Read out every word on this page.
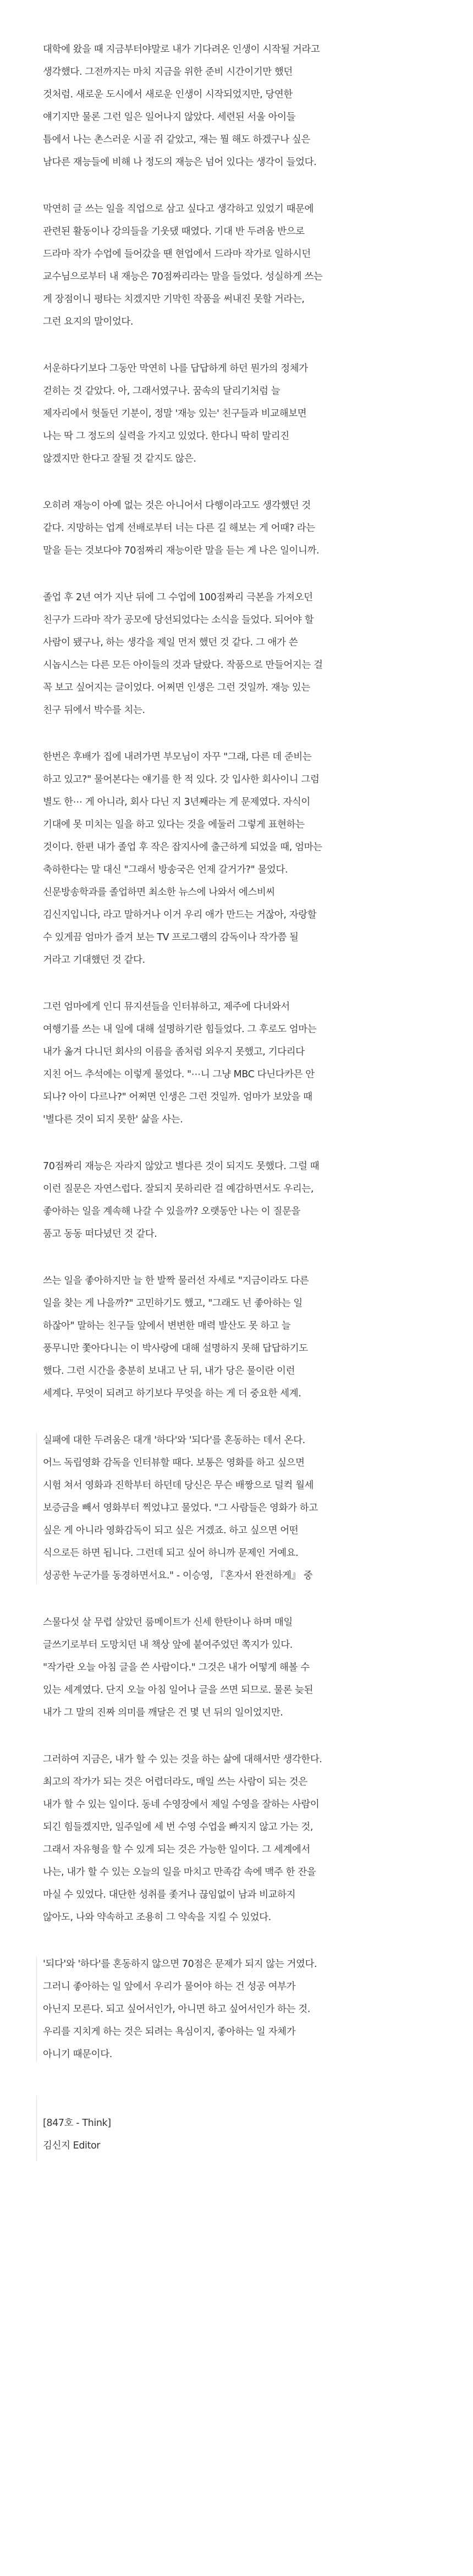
대학에 왔을 때 지금부터야말로 내가 기다려온 인생이 시작될 거라고
생각했다. 그전까지는 마치 지금을 위한 준비 시간이기만 했던
것처럼. 새로운 도시에서 새로운 인생이 시작되었지만, 당연한
얘기지만 물론 그런 일은 일어나지 않았다. 세련된 서울 아이들
틈에서 나는 촌스러운 시골 쥐 같았고, 재는 뭘 해도 하겠구나 싶은
남다른 재능들에 비해 나 정도의 재능은 넘어 있다는 생각이 들었다.
막연히 글 쓰는 일을 직업으로 삼고 싶다고 생각하고 있었기 때문에
관련된 활동이나 강의들을 기웃댔 때였다. 기대 반 두려움 반으로
드라마 작가 수업에 들어갔을 땐 현업에서 드라마 작가로 일하시던
교수님으로부터 내 재능은 70점짜리라는 말을 들었다. 성실하게 쓰는
게 장점이니 평타는 치겠지만 기막힌 작품을 써내진 못할 거라는,
그런 요지의 말이었다.
서운하다기보다 그동안 막연히 나를 답답하게 하던 뭔가의 정체가
걷히는 것 같았다. 아, 그래서였구나. 꿈속의 달리기처럼 늘
제자리에서 헛돌던 기분이, 정말 '재능 있는' 친구들과 비교해보면
나는 딱 그 정도의 실력을 가지고 있었다. 한다니 딱히 말리진
않겠지만 한다고 잘될 것 같지도 않은.
오히려 재능이 아예 없는 것은 아니어서 다행이라고도 생각했던 것
같다. 지망하는 업계 선배로부터 너는 다른 길 해보는 게 어때? 라는
말을 듣는 것보다야 70점짜리 재능이란 말을 듣는 게 나은 일이니까.
졸업 후 2년 여가 지난 뒤에 그 수업에 100점짜리 극본을 가져오던
친구가 드라마 작가 공모에 당선되었다는 소식을 들었다. 되어야 할
사람이 됐구나, 하는 생각을 제일 먼저 했던 것 같다. 그 애가 쓴
시놉시스는 다른 모든 아이들의 것과 달랐다. 작품으로 만들어지는 걸
꼭 보고 싶어지는 글이었다. 어쩌면 인생은 그런 것일까. 재능 있는
친구 뒤에서 박수를 치는.
한번은 후배가 집에 내려가면 부모님이 자꾸 "그래, 다른 데 준비는
하고 있고?" 물어본다는 얘기를 한 적 있다. 갓 입사한 회사이니 그럼
별도 한⋯ 게 아니라, 회사 다닌 지 3년째라는 게 문제였다. 자식이
기대에 못 미치는 일을 하고 있다는 것을 에둘러 그렇게 표현하는
것이다. 한편 내가 졸업 후 작은 잡지사에 출근하게 되었을 때, 엄마는
축하한다는 말 대신 "그래서 방송국은 언제 갈거가?" 물었다.
신문방송학과를 졸업하면 최소한 뉴스에 나와서 에스비씨
김신지입니다, 라고 말하거나 이거 우리 애가 만드는 거잖아, 자랑할
수 있게끔 엄마가 즐겨 보는 TV 프로그램의 감독이나 작가쯤 될
거라고 기대했던 것 같다.
그런 엄마에게 인디 뮤지션들을 인터뷰하고, 제주에 다녀와서
여행기를 쓰는 내 일에 대해 설명하기란 힘들었다. 그 후로도 엄마는
내가 옮겨 다니던 회사의 이름을 좀처럼 외우지 못했고, 기다리다
지친 어느 추석에는 이렇게 물었다. "⋯니 그냥 MBC 다닌다카믄 안
되나? 아이 다르나?" 어쩌면 인생은 그런 것일까. 엄마가 보았을 때
'별다른 것이 되지 못한' 삶을 사는.
70점짜리 재능은 자라지 않았고 별다른 것이 되지도 못했다. 그럴 때
이런 질문은 자연스럽다. 잘되지 못하리란 걸 예감하면서도 우리는,
좋아하는 일을 계속해 나갈 수 있을까? 오랫동안 나는 이 질문을
품고 동동 떠다녔던 것 같다.
쓰는 일을 좋아하지만 늘 한 발짝 물러선 자세로 "지금이라도 다른
일을 찾는 게 나을까?" 고민하기도 했고, "그래도 넌 좋아하는 일
하잖아" 말하는 친구들 앞에서 변변한 매력 발산도 못 하고 늘
풍무니만 쫓아다니는 이 박사랑에 대해 설명하지 못해 답답하기도
했다. 그런 시간을 충분히 보내고 난 뒤, 내가 당은 물이란 이런
세계다. 무엇이 되려고 하기보다 무엇을 하는 게 더 중요한 세계.
실패에 대한 두려움은 대개 '하다'와 '되다'를 혼동하는 데서 온다.
어느 독립영화 감독을 인터뷰할 때다. 보통은 영화를 하고 싶으면
시험 쳐서 영화과 진학부터 하던데 당신은 무슨 배짱으로 덜컥 월세
보증금을 빼서 영화부터 찍었냐고 물었다. "그 사람들은 영화가 하고
싶은 게 아니라 영화감독이 되고 싶은 거겠죠. 하고 싶으면 어떤
식으로든 하면 됩니다. 그런데 되고 싶어 하니까 문제인 거예요.
성공한 누군가를 동경하면서요." - 이승영, 『혼자서 완전하게』 중
스물다섯 살 무렵 살았던 룸메이트가 신세 한탄이나 하며 매일
글쓰기로부터 도망치던 내 책상 앞에 붙여주었던 쪽지가 있다.
"작가란 오늘 아침 글을 쓴 사람이다." 그것은 내가 어떻게 해볼 수
있는 세계였다. 단지 오늘 아침 일어나 글을 쓰면 되므로. 물론 늦된
내가 그 말의 진짜 의미를 깨달은 건 몇 년 뒤의 일이었지만.
그러하여 지금은, 내가 할 수 있는 것을 하는 삶에 대해서만 생각한다.
최고의 작가가 되는 것은 어렵더라도, 매일 쓰는 사람이 되는 것은
내가 할 수 있는 일이다. 동네 수영장에서 제일 수영을 잘하는 사람이
되긴 힘들겠지만, 일주일에 세 번 수영 수업을 빠지지 않고 가는 것,
그래서 자유형을 할 수 있게 되는 것은 가능한 일이다. 그 세계에서
나는, 내가 할 수 있는 오늘의 일을 마치고 만족감 속에 맥주 한 잔을
마실 수 있었다. 대단한 성취를 좇거나 끊임없이 남과 비교하지
않아도, 나와 약속하고 조용히 그 약속을 지킬 수 있었다.
'되다'와 '하다'를 혼동하지 않으면 70점은 문제가 되지 않는 거였다.
그러니 좋아하는 일 앞에서 우리가 물어야 하는 건 성공 여부가
아닌지 모른다. 되고 싶어서인가, 아니면 하고 싶어서인가 하는 것.
우리를 지치게 하는 것은 되려는 욕심이지, 좋아하는 일 자체가
아니기 때문이다.
[847호 - Think]
김신지 Editor
